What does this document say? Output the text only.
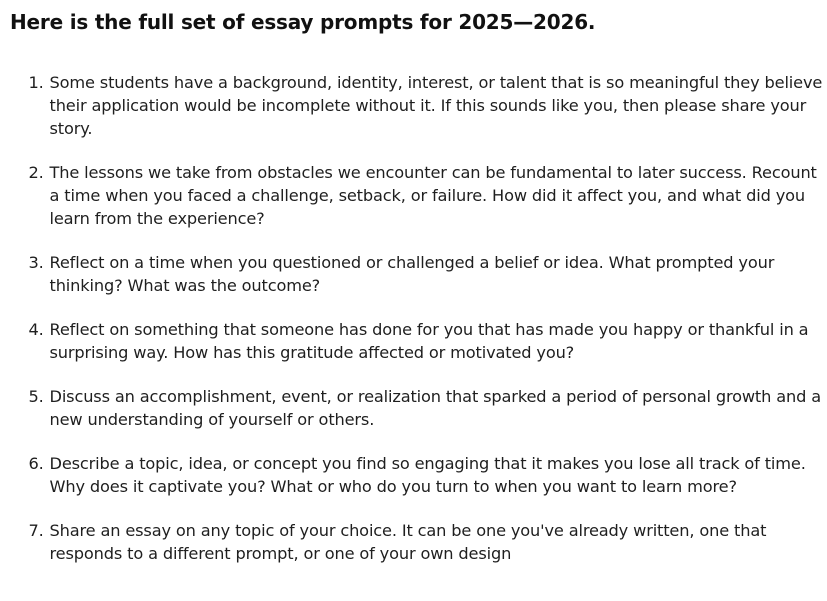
Here is the full set of essay prompts for 2025—2026.
1. Some students have a background, identity, interest, or talent that is so meaningful they believe their application would be incomplete without it. If this sounds like you, then please share your story.
2. The lessons we take from obstacles we encounter can be fundamental to later success. Recount a time when you faced a challenge, setback, or failure. How did it affect you, and what did you learn from the experience?
3. Reflect on a time when you questioned or challenged a belief or idea. What prompted your thinking? What was the outcome?
4. Reflect on something that someone has done for you that has made you happy or thankful in a surprising way. How has this gratitude affected or motivated you?
5. Discuss an accomplishment, event, or realization that sparked a period of personal growth and a new understanding of yourself or others.
6. Describe a topic, idea, or concept you find so engaging that it makes you lose all track of time. Why does it captivate you? What or who do you turn to when you want to learn more?
7. Share an essay on any topic of your choice. It can be one you've already written, one that responds to a different prompt, or one of your own design
